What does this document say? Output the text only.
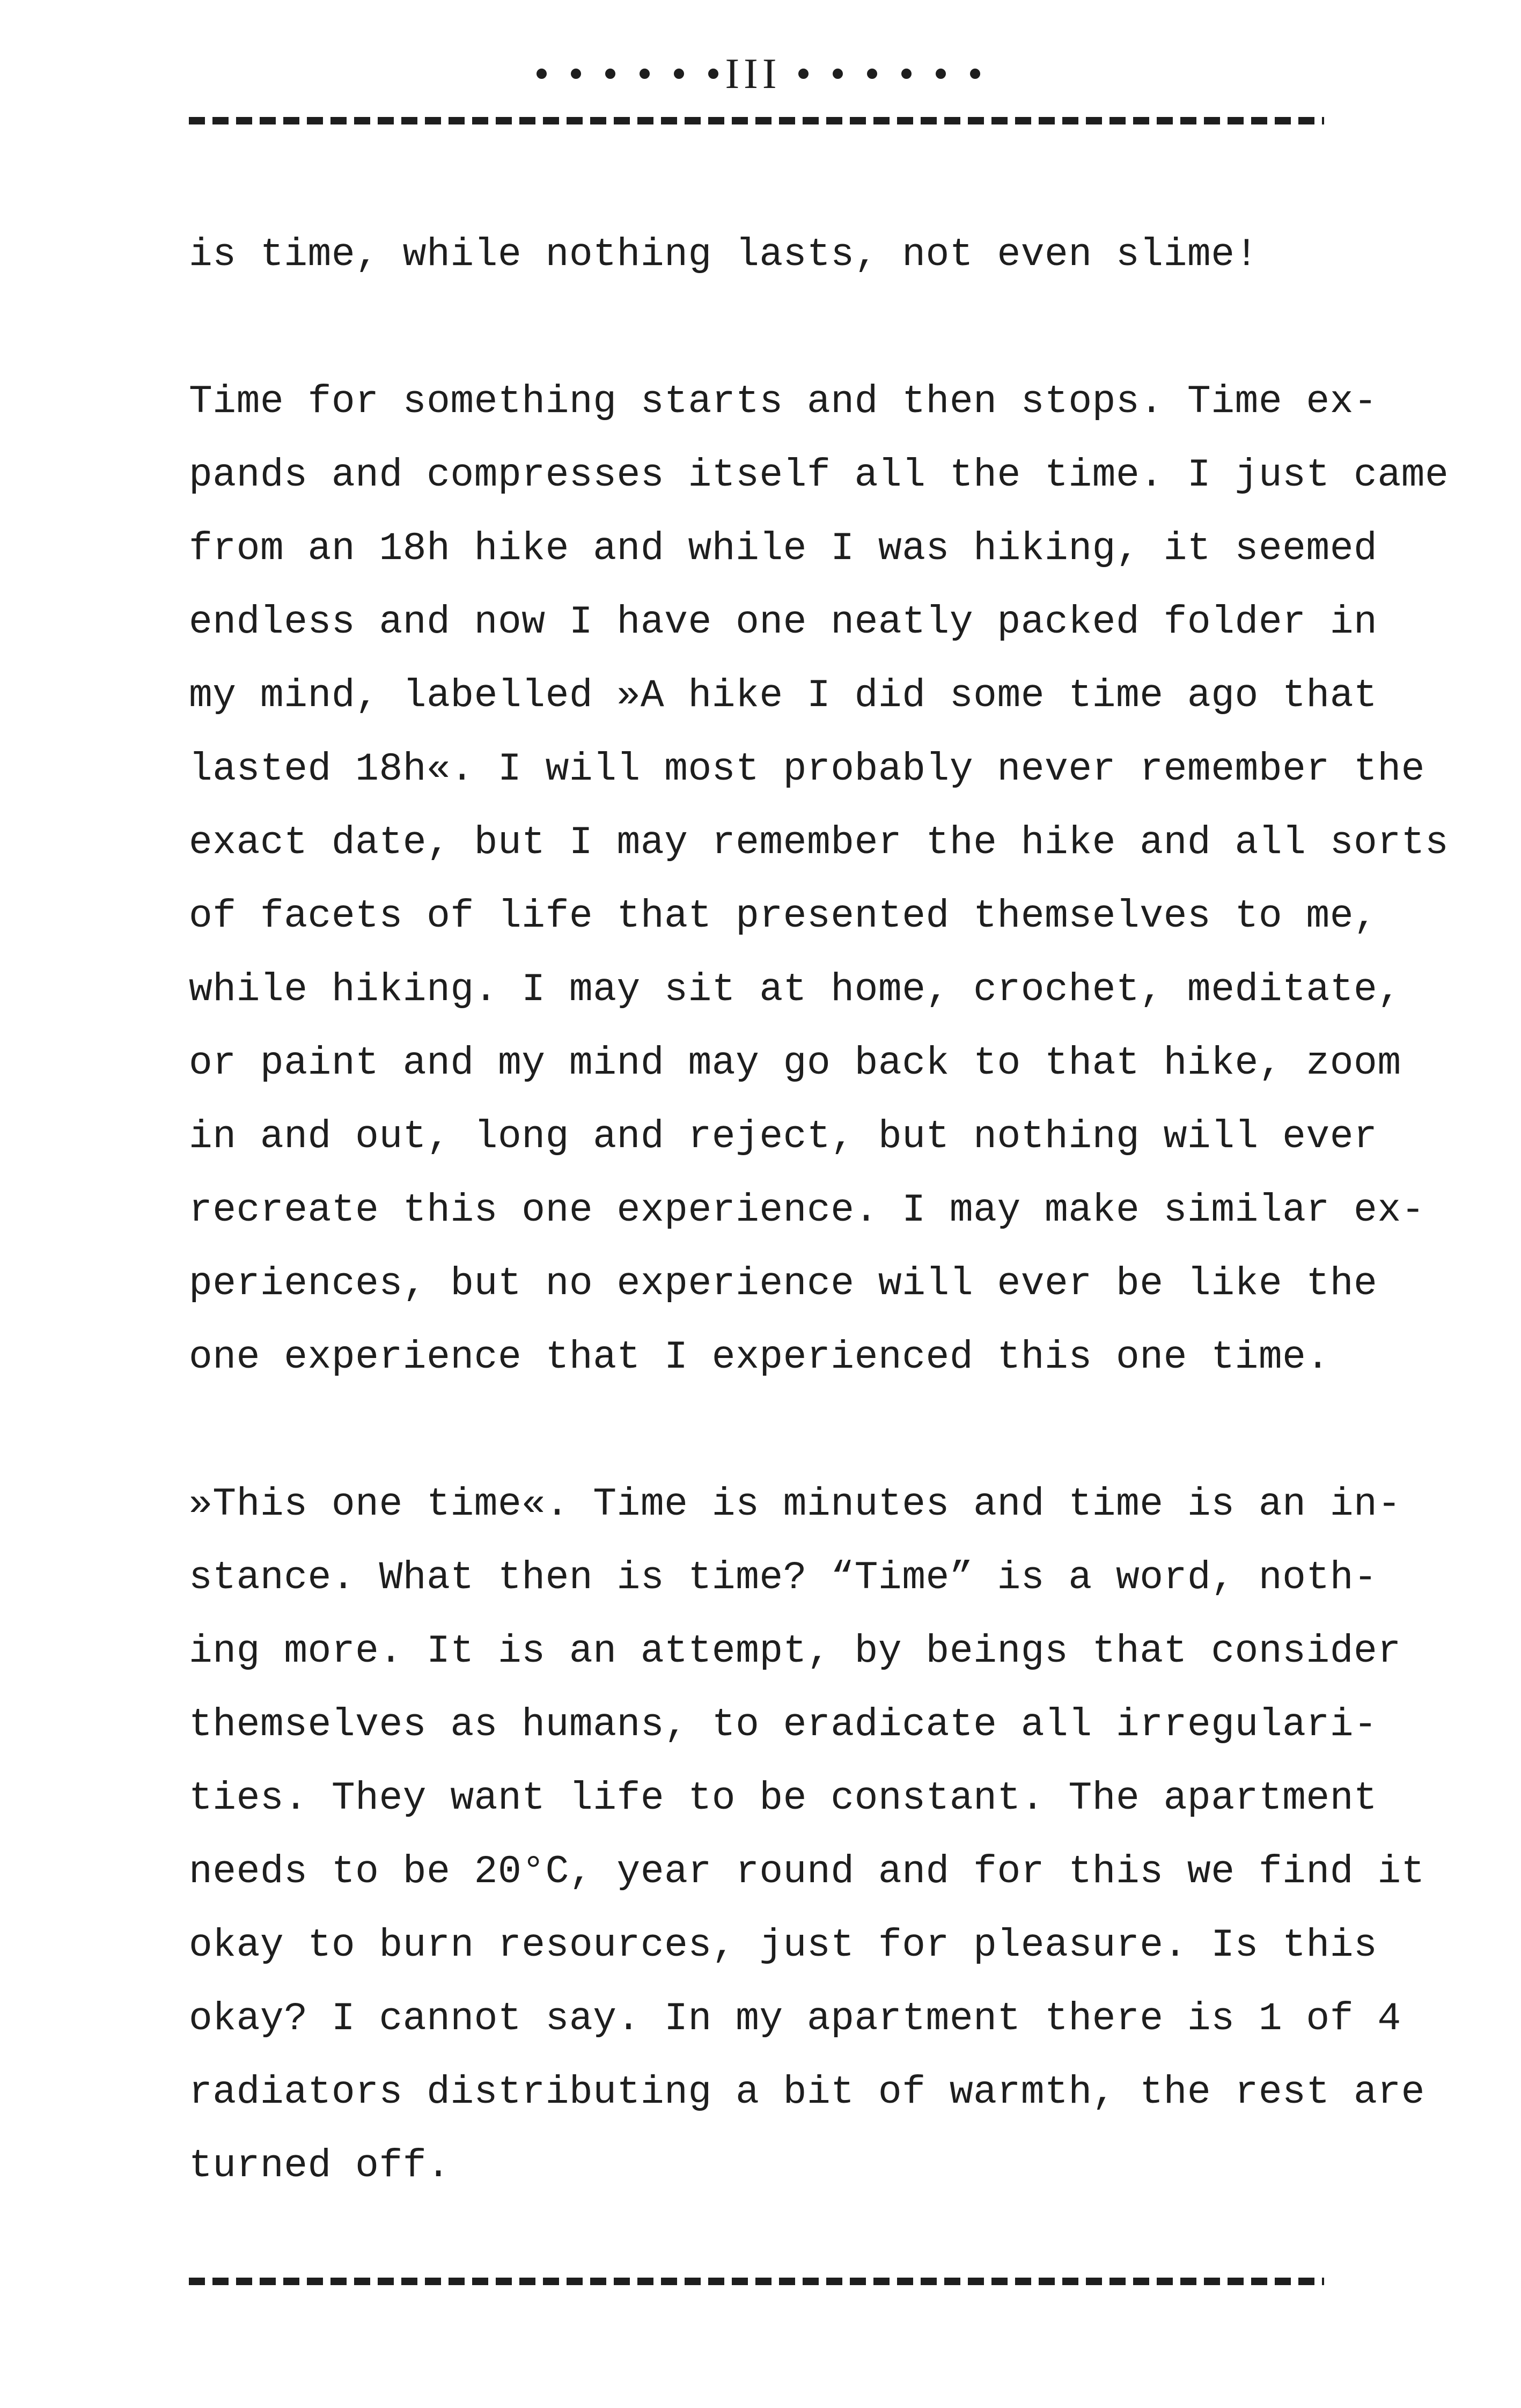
• • • • • •III • • • • • •

is time, while nothing lasts, not even slime!

Time for something starts and then stops. Time ex-
pands and compresses itself all the time. I just came
from an 18h hike and while I was hiking, it seemed
endless and now I have one neatly packed folder in
my mind, labelled »A hike I did some time ago that
lasted 18h«. I will most probably never remember the
exact date, but I may remember the hike and all sorts
of facets of life that presented themselves to me,
while hiking. I may sit at home, crochet, meditate,
or paint and my mind may go back to that hike, zoom
in and out, long and reject, but nothing will ever
recreate this one experience. I may make similar ex-
periences, but no experience will ever be like the
one experience that I experienced this one time.

»This one time«. Time is minutes and time is an in-
stance. What then is time? “Time” is a word, noth-
ing more. It is an attempt, by beings that consider
themselves as humans, to eradicate all irregulari-
ties. They want life to be constant. The apartment
needs to be 20°C, year round and for this we find it
okay to burn resources, just for pleasure. Is this
okay? I cannot say. In my apartment there is 1 of 4
radiators distributing a bit of warmth, the rest are
turned off.
